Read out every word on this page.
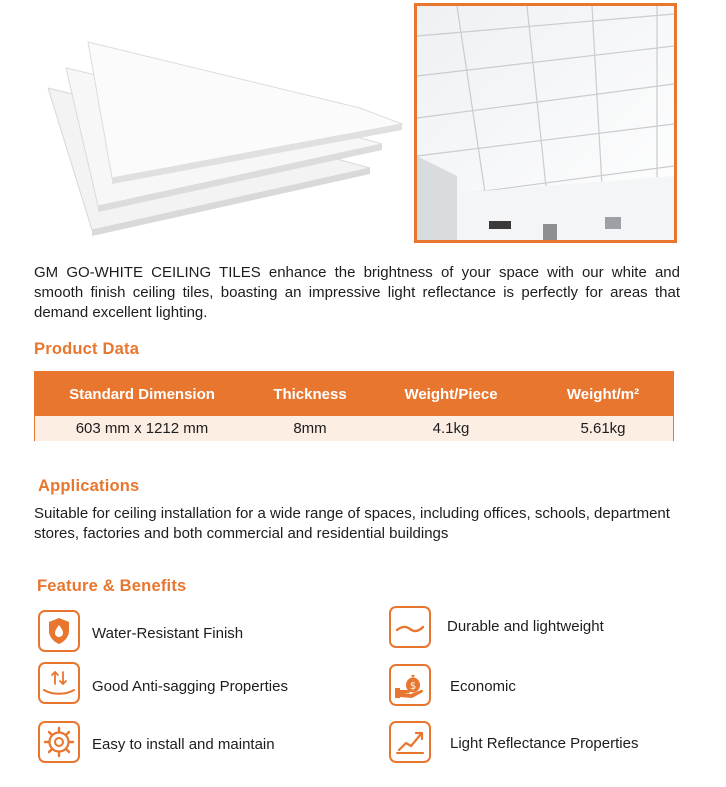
GM GO-WHITE CEILING TILES enhance the brightness of your space with our white and smooth finish ceiling tiles, boasting an impressive light reflectance is perfectly for areas that demand excellent lighting.
Product Data
Standard Dimension	Thickness	Weight/Piece	Weight/m²
603 mm x 1212 mm	8mm	4.1kg	5.61kg
Applications
Suitable for ceiling installation for a wide range of spaces, including offices, schools, department stores, factories and both commercial and residential buildings
Feature & Benefits
Water-Resistant Finish	Durable and lightweight
Good Anti-sagging Properties	$ Economic
Easy to install and maintain	Light Reflectance Properties
